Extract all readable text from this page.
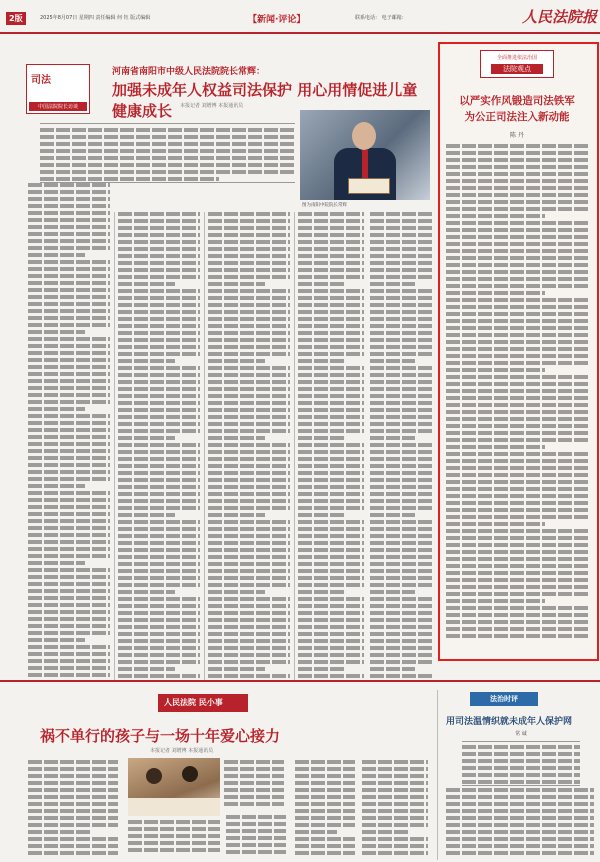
2版	2025年8月07日 星期四 责任编辑 何 钰 版式编辑	【新闻·评论】	联系电话： 电子邮箱：	人民法院报
司法
中国法院院长访谈
河南省南阳市中级人民法院院长常辉：
加强未成年人权益司法保护 用心用情促进儿童健康成长	本报记者 刘增博 本报通讯员
图为南阳中院院长常辉
全面推进依法治国
法院观点
以严实作风锻造司法铁军
为公正司法注入新动能
陈 丹
人民法院 民小事
祸不单行的孩子与一场十年爱心接力
本报记者 刘增博 本报通讯员
法治时评
用司法温情织就未成年人保护网
常 诚
